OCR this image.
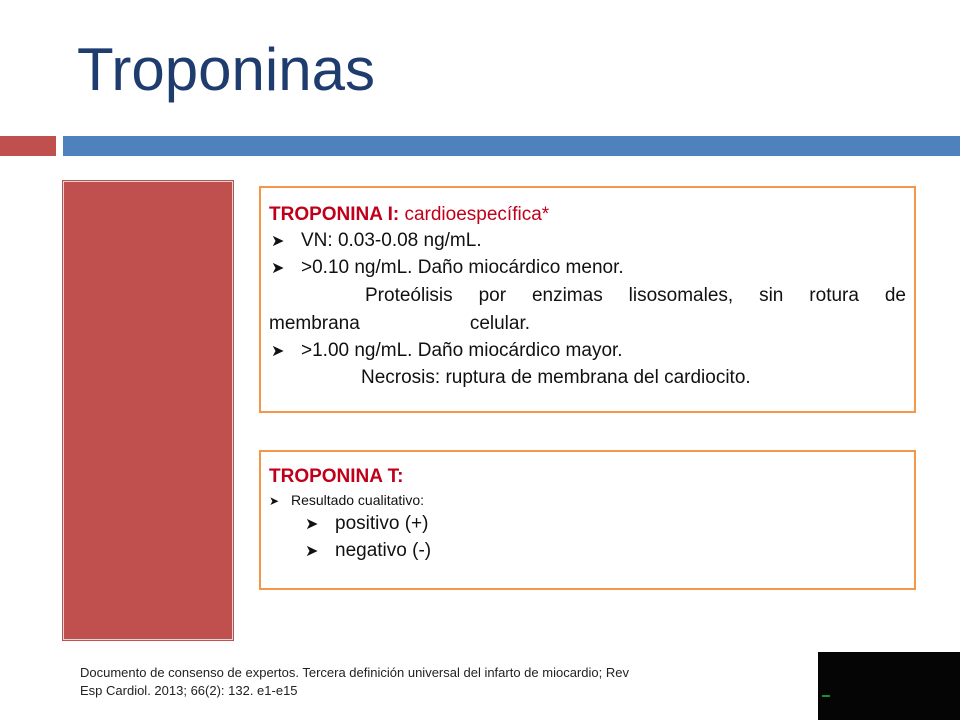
Troponinas
TROPONINA I: cardioespecífica*
➤ VN: 0.03-0.08 ng/mL.
➤ >0.10 ng/mL. Daño miocárdico menor.
Proteólisis por enzimas lisosomales, sin rotura de
membrana	celular.
➤ >1.00 ng/mL. Daño miocárdico mayor.
Necrosis: ruptura de membrana del cardiocito.
TROPONINA T:
➤ Resultado cualitativo:
➤ positivo (+)
➤ negativo (-)
Documento de consenso de expertos. Tercera definición universal del infarto de miocardio; Rev
Esp Cardiol. 2013; 66(2): 132. e1-e15
